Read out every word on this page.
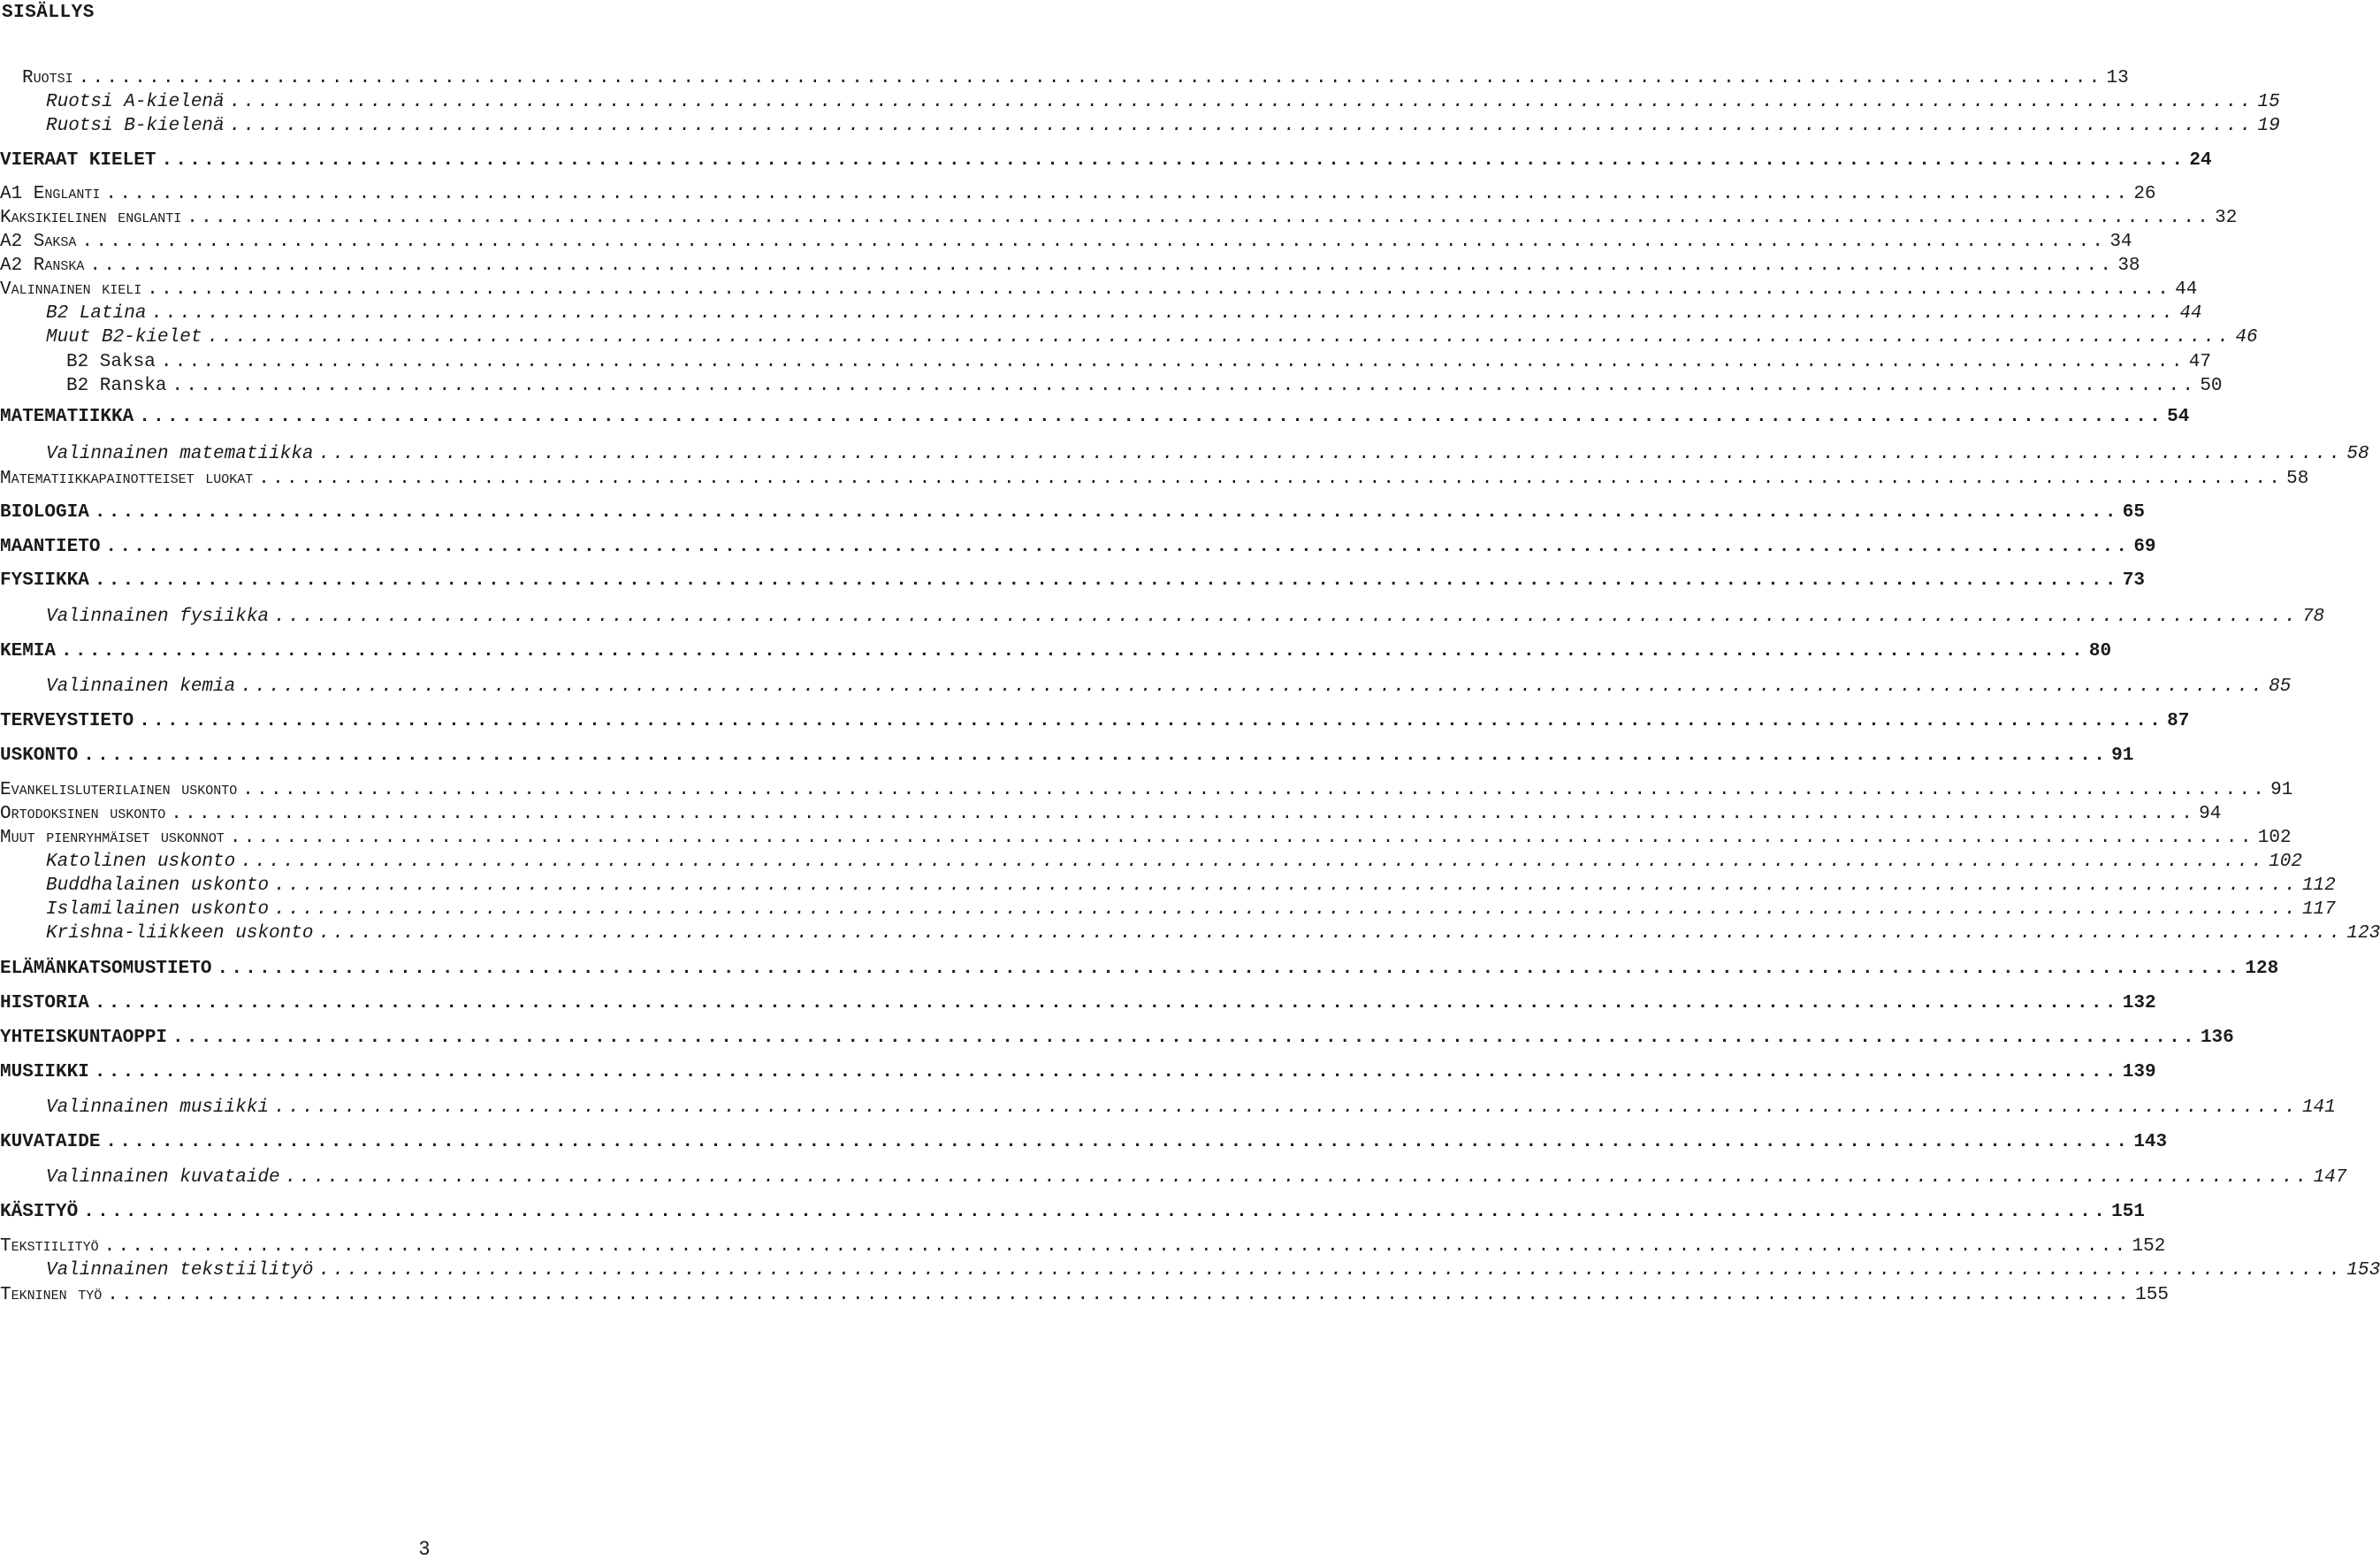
SISÄLLYS
Ruotsi .....	13
Ruotsi A-kielenä .....	15
Ruotsi B-kielenä .....	19
VIERAAT KIELET .....	24
A1 Englanti .....	26
Kaksikielinen englanti .....	32
A2 Saksa .....	34
A2 Ranska .....	38
Valinnainen kieli .....	44
B2 Latina .....	44
Muut B2-kielet .....	46
B2 Saksa .....	47
B2 Ranska .....	50
MATEMATIIKKA .....	54
Valinnainen matematiikka .....	58
Matematiikkapainotteiset luokat .....	58
BIOLOGIA .....	65
MAANTIETO .....	69
FYSIIKKA .....	73
Valinnainen fysiikka .....	78
KEMIA .....	80
Valinnainen kemia .....	85
TERVEYSTIETO .....	87
USKONTO .....	91
Evankelisluterilainen uskonto .....	91
Ortodoksinen uskonto .....	94
Muut pienryhmäiset uskonnot .....	102
Katolinen uskonto .....	102
Buddhalainen uskonto .....	112
Islamilainen uskonto .....	117
Krishna-liikkeen uskonto .....	123
ELÄMÄNKATSOMUSTIETO .....	128
HISTORIA .....	132
YHTEISKUNTAOPPI .....	136
MUSIIKKI .....	139
Valinnainen musiikki .....	141
KUVATAIDE .....	143
Valinnainen kuvataide .....	147
KÄSITYÖ .....	151
Tekstiilityö .....	152
Valinnainen tekstiilityö .....	153
Tekninen työ .....	155
3
